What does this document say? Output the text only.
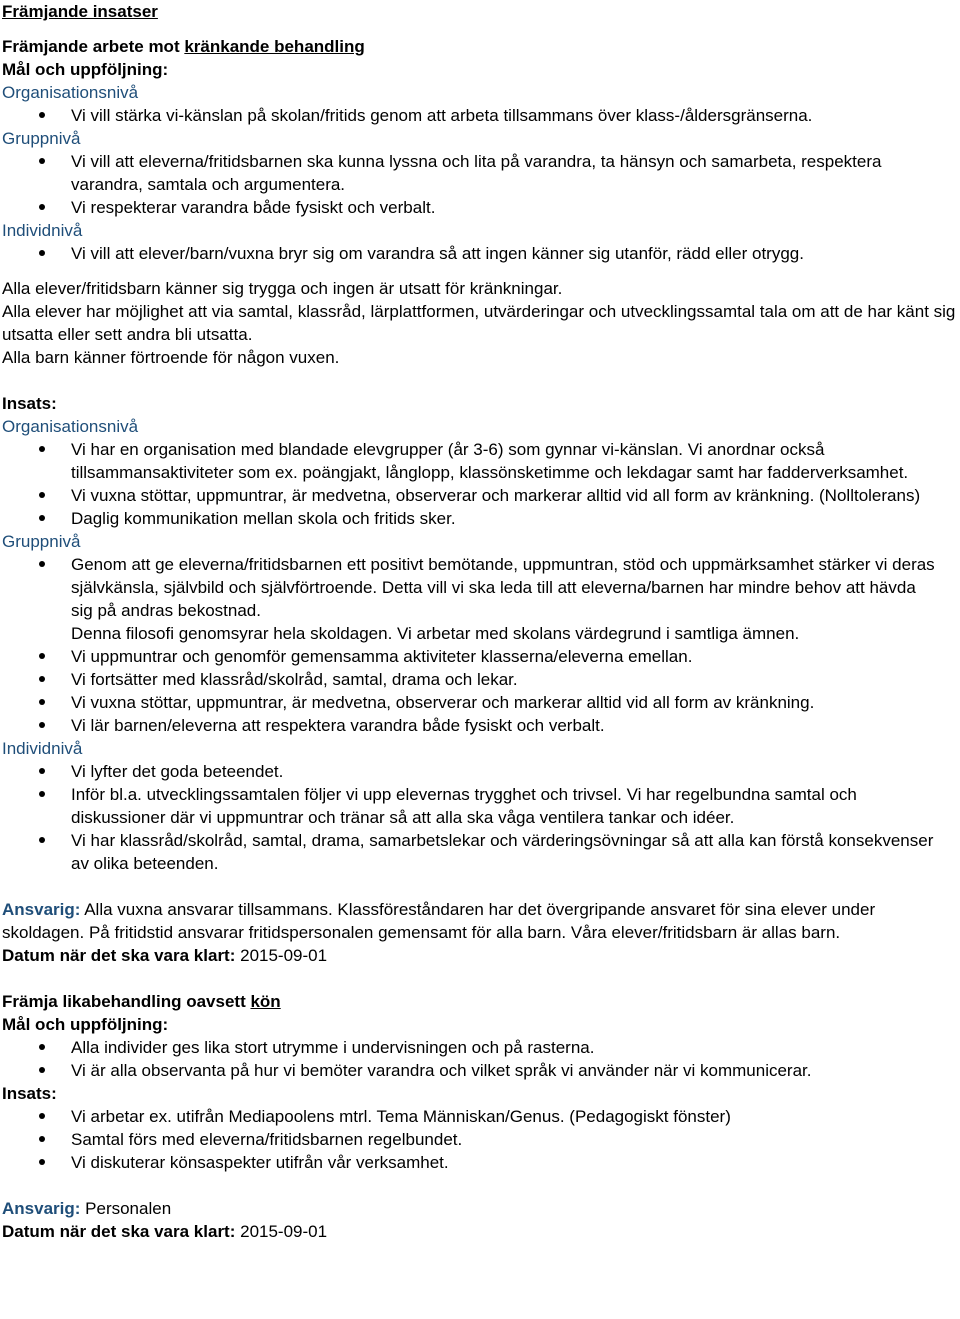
Främjande insatser
Främjande arbete mot kränkande behandling
Mål och uppföljning:
Organisationsnivå
Vi vill stärka vi-känslan på skolan/fritids genom att arbeta tillsammans över klass-/åldersgränserna.
Gruppnivå
Vi vill att eleverna/fritidsbarnen ska kunna lyssna och lita på varandra, ta hänsyn och samarbeta, respektera varandra, samtala och argumentera.
Vi respekterar varandra både fysiskt och verbalt.
Individnivå
Vi vill att elever/barn/vuxna bryr sig om varandra så att ingen känner sig utanför, rädd eller otrygg.
Alla elever/fritidsbarn känner sig trygga och ingen är utsatt för kränkningar.
Alla elever har möjlighet att via samtal, klassråd, lärplattformen, utvärderingar och utvecklingssamtal tala om att de har känt sig utsatta eller sett andra bli utsatta.
Alla barn känner förtroende för någon vuxen.
Insats:
Organisationsnivå
Vi har en organisation med blandade elevgrupper (år 3-6) som gynnar vi-känslan. Vi anordnar också tillsammansaktiviteter som ex. poängjakt, långlopp, klassönsketimme och lekdagar samt har fadderverksamhet.
Vi vuxna stöttar, uppmuntrar, är medvetna, observerar och markerar alltid vid all form av kränkning. (Nolltolerans)
Daglig kommunikation mellan skola och fritids sker.
Gruppnivå
Genom att ge eleverna/fritidsbarnen ett positivt bemötande, uppmuntran, stöd och uppmärksamhet stärker vi deras självkänsla, självbild och självförtroende. Detta vill vi ska leda till att eleverna/barnen har mindre behov att hävda sig på andras bekostnad.
Denna filosofi genomsyrar hela skoldagen. Vi arbetar med skolans värdegrund i samtliga ämnen.
Vi uppmuntrar och genomför gemensamma aktiviteter klasserna/eleverna emellan.
Vi fortsätter med klassråd/skolråd, samtal, drama och lekar.
Vi vuxna stöttar, uppmuntrar, är medvetna, observerar och markerar alltid vid all form av kränkning.
Vi lär barnen/eleverna att respektera varandra både fysiskt och verbalt.
Individnivå
Vi lyfter det goda beteendet.
Inför bl.a. utvecklingssamtalen följer vi upp elevernas trygghet och trivsel. Vi har regelbundna samtal och diskussioner där vi uppmuntrar och tränar så att alla ska våga ventilera tankar och idéer.
Vi har klassråd/skolråd, samtal, drama, samarbetslekar och värderingsövningar så att alla kan förstå konsekvenser av olika beteenden.
Ansvarig: Alla vuxna ansvarar tillsammans. Klassföreståndaren har det övergripande ansvaret för sina elever under skoldagen. På fritidstid ansvarar fritidspersonalen gemensamt för alla barn. Våra elever/fritidsbarn är allas barn.
Datum när det ska vara klart: 2015-09-01
Främja likabehandling oavsett kön
Mål och uppföljning:
Alla individer ges lika stort utrymme i undervisningen och på rasterna.
Vi är alla observanta på hur vi bemöter varandra och vilket språk vi använder när vi kommunicerar.
Insats:
Vi arbetar ex. utifrån Mediapoolens mtrl. Tema Människan/Genus. (Pedagogiskt fönster)
Samtal förs med eleverna/fritidsbarnen regelbundet.
Vi diskuterar könsaspekter utifrån vår verksamhet.
Ansvarig: Personalen
Datum när det ska vara klart: 2015-09-01
